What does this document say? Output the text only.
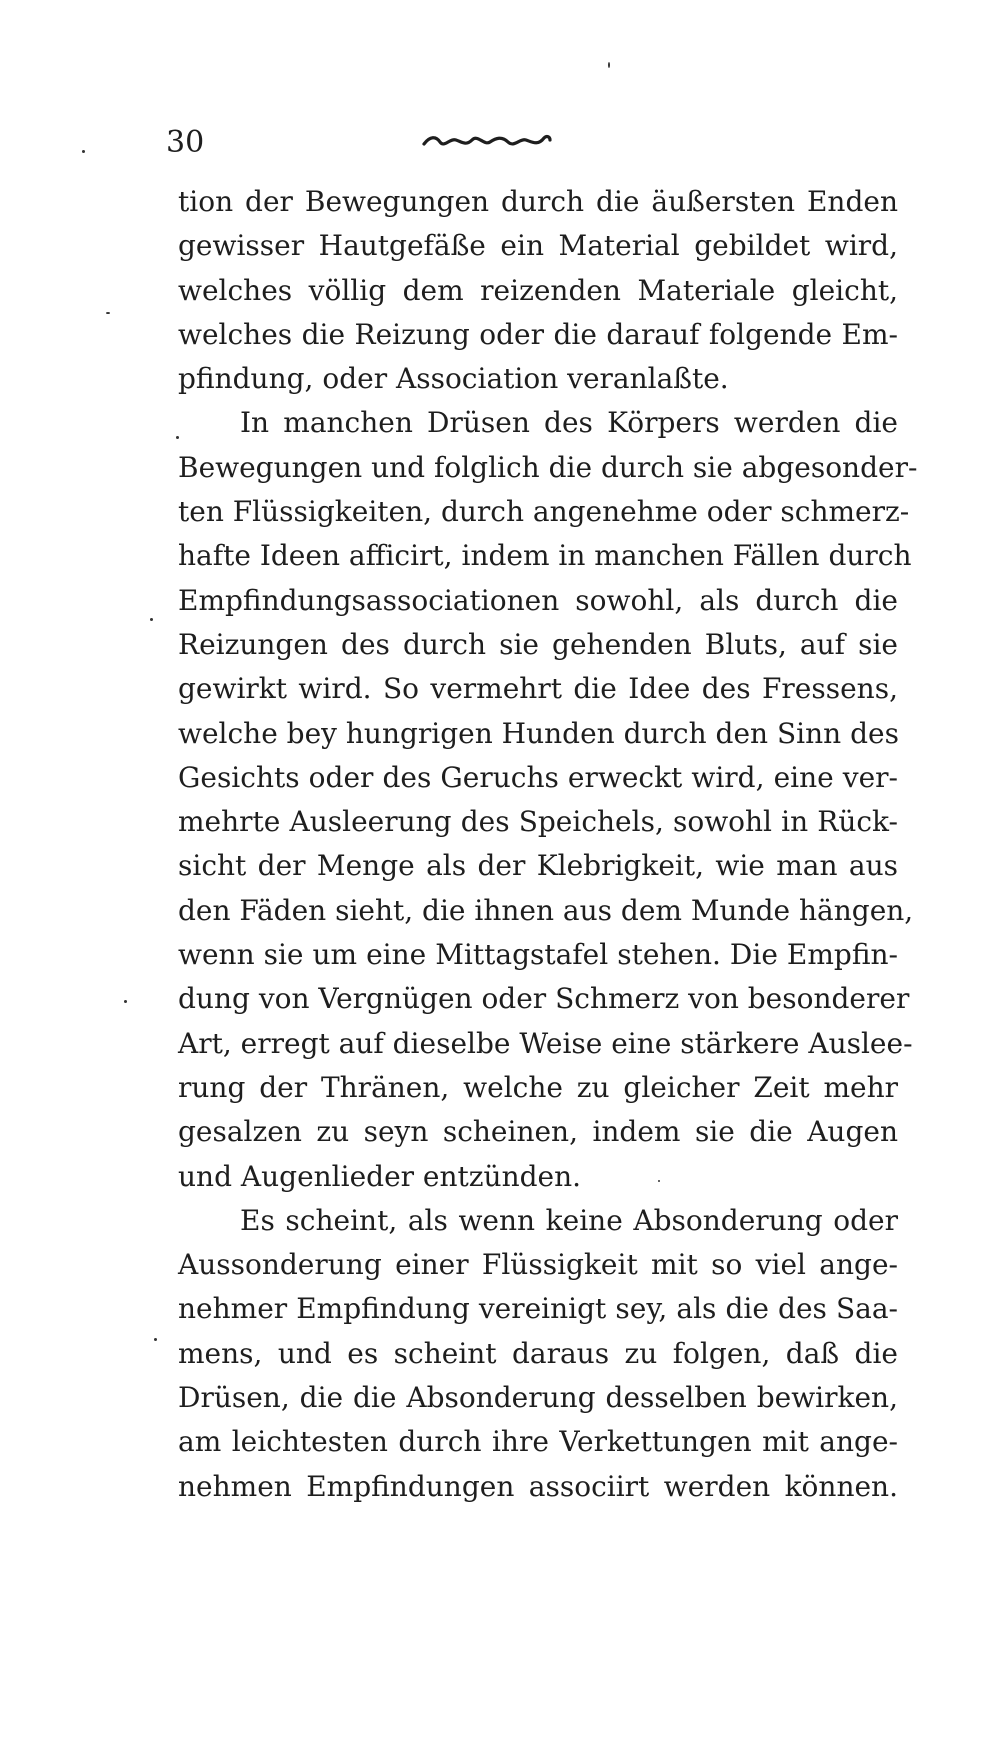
30
tion der Bewegungen durch die äußersten Enden
gewisser Hautgefäße ein Material gebildet wird,
welches völlig dem reizenden Materiale gleicht,
welches die Reizung oder die darauf folgende Em-
pfindung, oder Association veranlaßte.
In manchen Drüsen des Körpers werden die
Bewegungen und folglich die durch sie abgesonder-
ten Flüssigkeiten, durch angenehme oder schmerz-
hafte Ideen afficirt, indem in manchen Fällen durch
Empfindungsassociationen sowohl, als durch die
Reizungen des durch sie gehenden Bluts, auf sie
gewirkt wird. So vermehrt die Idee des Fressens,
welche bey hungrigen Hunden durch den Sinn des
Gesichts oder des Geruchs erweckt wird, eine ver-
mehrte Ausleerung des Speichels, sowohl in Rück-
sicht der Menge als der Klebrigkeit, wie man aus
den Fäden sieht, die ihnen aus dem Munde hängen,
wenn sie um eine Mittagstafel stehen. Die Empfin-
dung von Vergnügen oder Schmerz von besonderer
Art, erregt auf dieselbe Weise eine stärkere Auslee-
rung der Thränen, welche zu gleicher Zeit mehr
gesalzen zu seyn scheinen, indem sie die Augen
und Augenlieder entzünden.
Es scheint, als wenn keine Absonderung oder
Aussonderung einer Flüssigkeit mit so viel ange-
nehmer Empfindung vereinigt sey, als die des Saa-
mens, und es scheint daraus zu folgen, daß die
Drüsen, die die Absonderung desselben bewirken,
am leichtesten durch ihre Verkettungen mit ange-
nehmen Empfindungen associirt werden können.
